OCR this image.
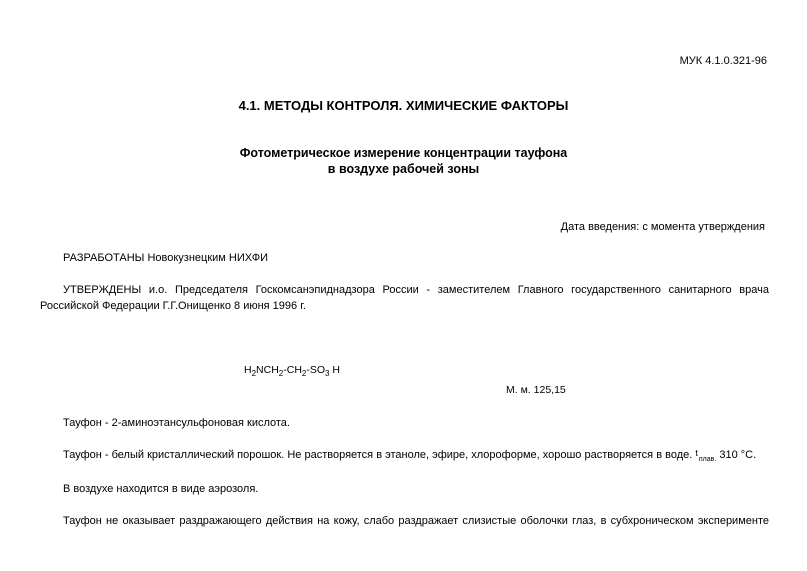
МУК 4.1.0.321-96
4.1. МЕТОДЫ КОНТРОЛЯ. ХИМИЧЕСКИЕ ФАКТОРЫ
Фотометрическое измерение концентрации тауфона
в воздухе рабочей зоны
Дата введения: с момента утверждения
РАЗРАБОТАНЫ Новокузнецким НИХФИ
УТВЕРЖДЕНЫ и.о. Председателя Госкомсанэпиднадзора России - заместителем Главного государственного санитарного врача Российской Федерации Г.Г.Онищенко 8 июня 1996 г.
$H_2NCH_2-CH_2-SO_3$ H
М. м. 125,15
Тауфон - 2-аминоэтансульфоновая кислота.
Тауфон - белый кристаллический порошок. Не растворяется в этаноле, эфире, хлороформе, хорошо растворяется в воде. tплав. 310 °С.
В воздухе находится в виде аэрозоля.
Тауфон не оказывает раздражающего действия на кожу, слабо раздражает слизистые оболочки глаз, в субхроническом эксперименте
